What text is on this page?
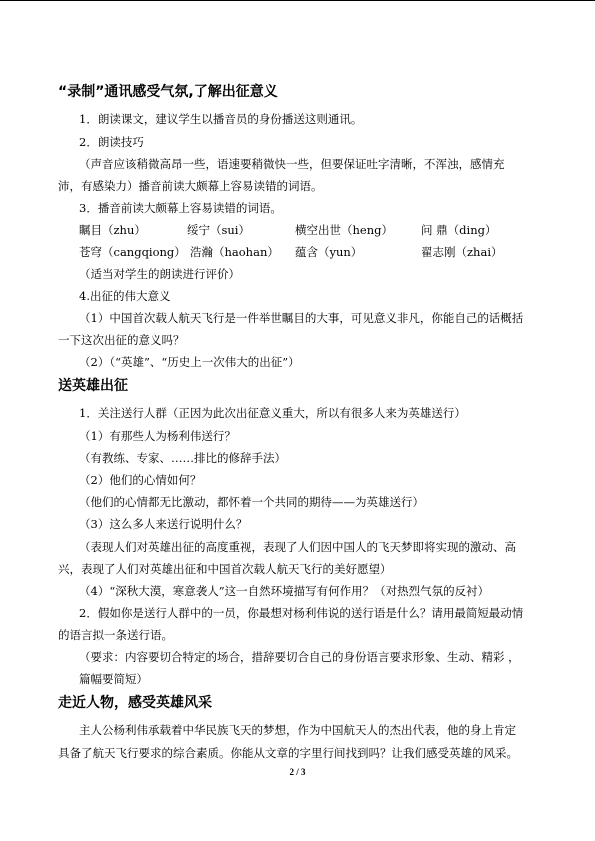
“录制”通讯感受气氛,了解出征意义
1．朗读课文，建议学生以播音员的身份播送这则通讯。
2．朗读技巧
（声音应该稍微高昂一些，语速要稍微快一些，但要保证吐字清晰，不浑浊，感情充
沛，有感染力）播音前读大颇幕上容易读错的词语。
3．播音前读大颇幕上容易读错的词语。
瞩目（zhu）	绥宁（sui）	横空出世（heng） 问 鼎（ding）
苍穹（cangqiong） 浩瀚（haohan） 蕴含（yun）	翟志刚（zhai）
（适当对学生的朗读进行评价）
4.出征的伟大意义
（1）中国首次载人航天飞行是一件举世瞩目的大事，可见意义非凡，你能自己的话概括
一下这次出征的意义吗？
（2）（“英雄”、“历史上一次伟大的出征”）
送英雄出征
1．关注送行人群（正因为此次出征意义重大，所以有很多人来为英雄送行）
（1）有那些人为杨利伟送行？
（有教练、专家、……排比的修辞手法）
（2）他们的心情如何？
（他们的心情都无比激动，都怀着一个共同的期待——为英雄送行）
（3）这么多人来送行说明什么？
（表现人们对英雄出征的高度重视，表现了人们因中国人的飞天梦即将实现的激动、高
兴，表现了人们对英雄出征和中国首次载人航天飞行的美好愿望）
（4）“深秋大漠，寒意袭人”这一自然环境描写有何作用？（对热烈气氛的反衬）
2．假如你是送行人群中的一员，你最想对杨利伟说的送行语是什么？请用最简短最动情
的语言拟一条送行语。
（要求：内容要切合特定的场合，措辞要切合自己的身份语言要求形象、生动、精彩 ，
篇幅要简短）
走近人物，感受英雄风采
主人公杨利伟承载着中华民族飞天的梦想，作为中国航天人的杰出代表，他的身上肯定
具备了航天飞行要求的综合素质。你能从文章的字里行间找到吗？让我们感受英雄的风采。
2 / 3
